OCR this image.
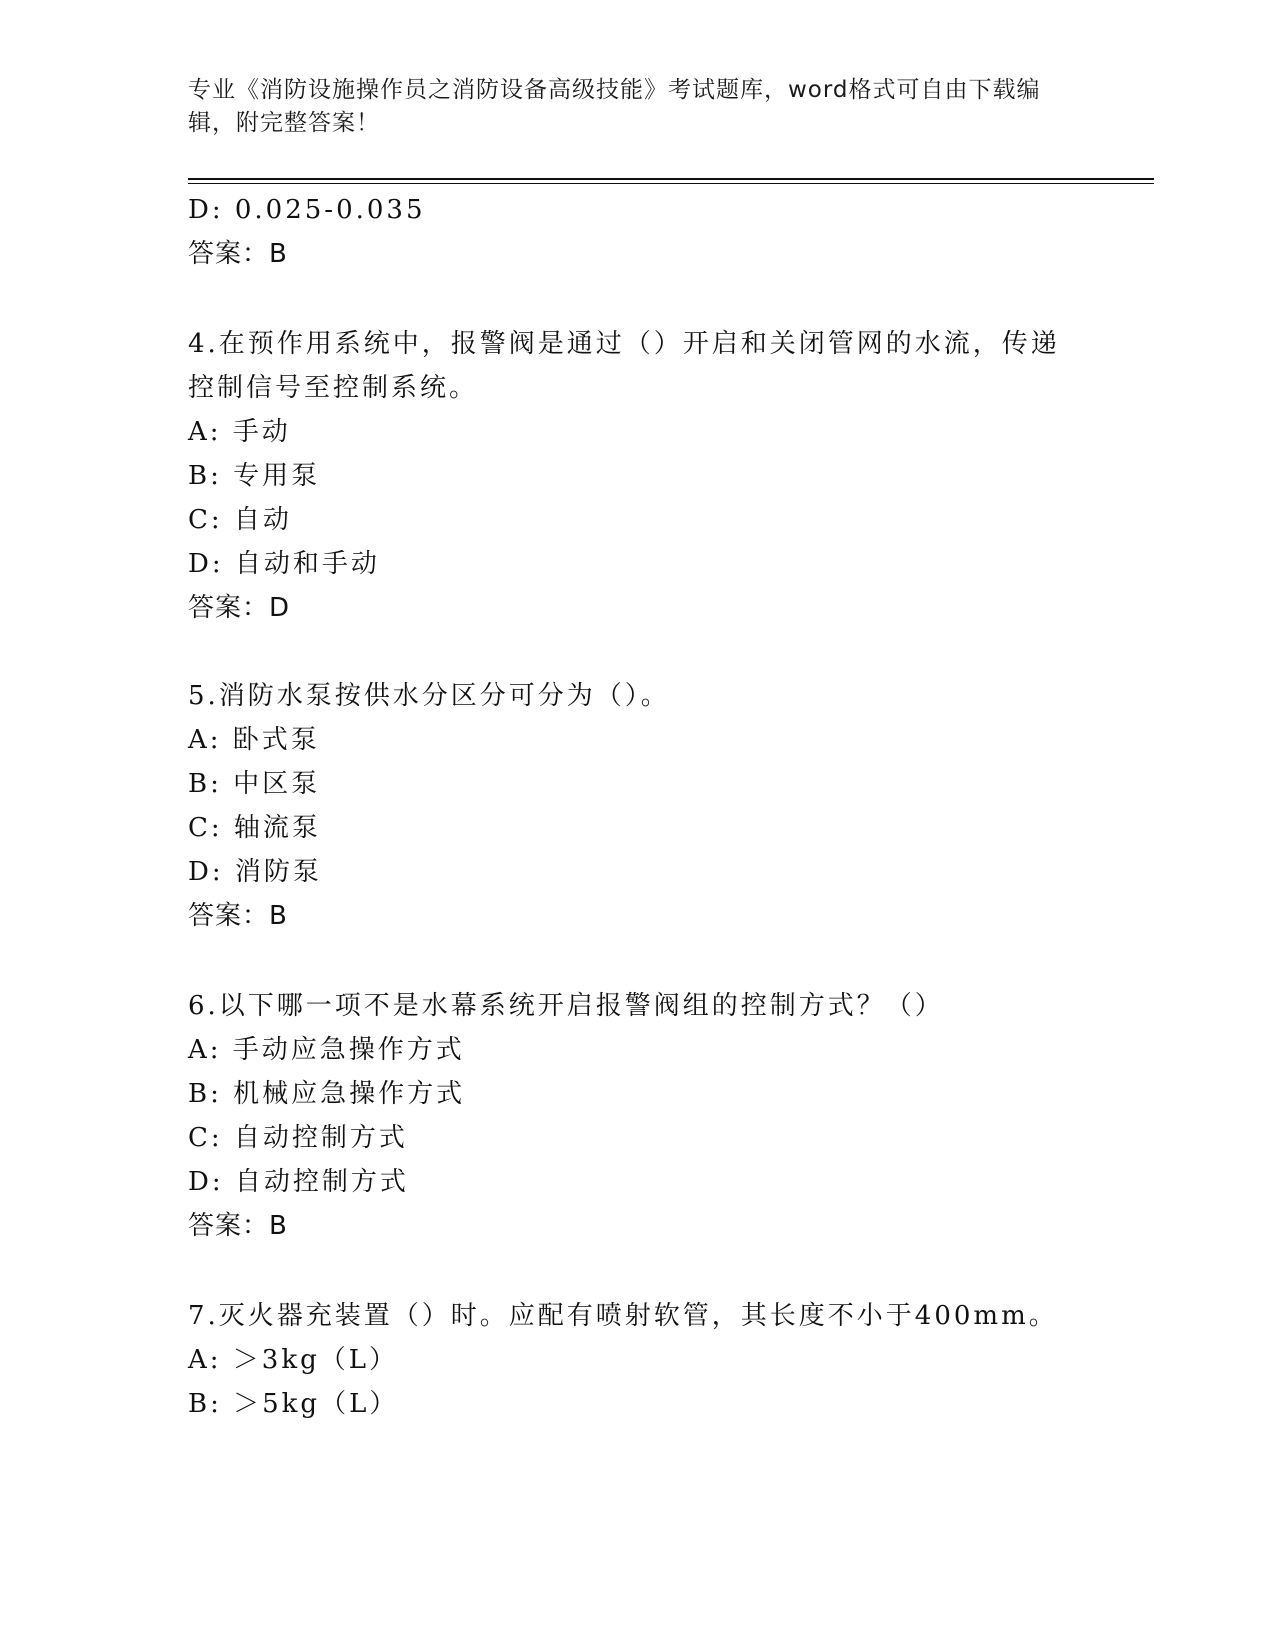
专业《消防设施操作员之消防设备高级技能》考试题库，word格式可自由下载编
辑，附完整答案！
D: 0.025-0.035
答案：B
4.在预作用系统中，报警阀是通过（）开启和关闭管网的水流，传递
控制信号至控制系统。
A: 手动
B: 专用泵
C: 自动
D: 自动和手动
答案：D
5.消防水泵按供水分区分可分为（）。
A: 卧式泵
B: 中区泵
C: 轴流泵
D: 消防泵
答案：B
6.以下哪一项不是水幕系统开启报警阀组的控制方式？（）
A: 手动应急操作方式
B: 机械应急操作方式
C: 自动控制方式
D: 自动控制方式
答案：B
7.灭火器充装置（）时。应配有喷射软管，其长度不小于400mm。
A: ＞3kg（L）
B: ＞5kg（L）
